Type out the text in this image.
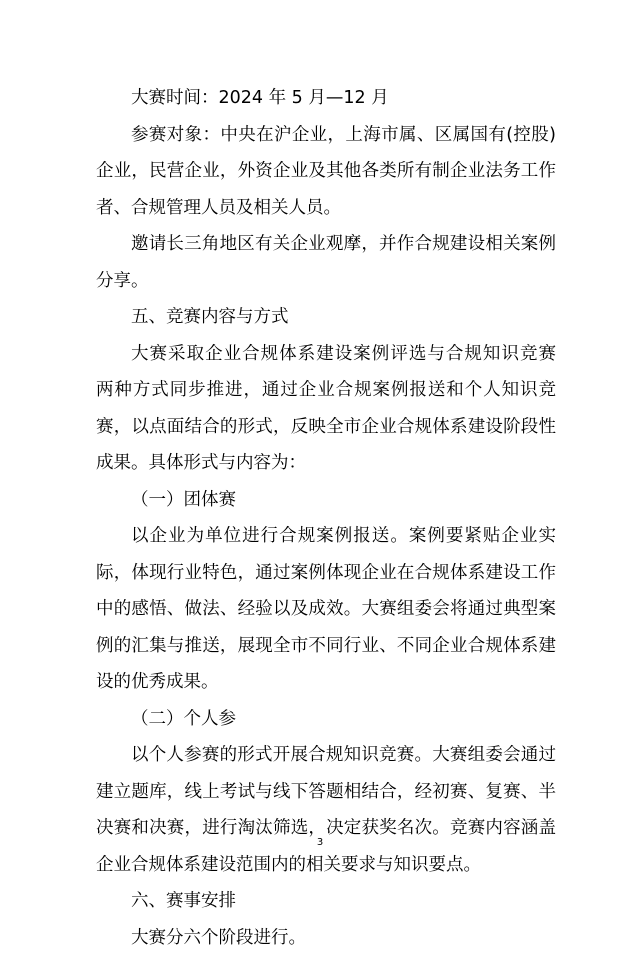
大赛时间：2024 年 5 月—12 月
参赛对象：中央在沪企业，上海市属、区属国有(控股)
企业，民营企业，外资企业及其他各类所有制企业法务工作
者、合规管理人员及相关人员。
邀请长三角地区有关企业观摩，并作合规建设相关案例
分享。
五、竞赛内容与方式
大赛采取企业合规体系建设案例评选与合规知识竞赛
两种方式同步推进，通过企业合规案例报送和个人知识竞
赛，以点面结合的形式，反映全市企业合规体系建设阶段性
成果。具体形式与内容为：
（一）团体赛
以企业为单位进行合规案例报送。案例要紧贴企业实
际，体现行业特色，通过案例体现企业在合规体系建设工作
中的感悟、做法、经验以及成效。大赛组委会将通过典型案
例的汇集与推送，展现全市不同行业、不同企业合规体系建
设的优秀成果。
（二）个人参
以个人参赛的形式开展合规知识竞赛。大赛组委会通过
建立题库，线上考试与线下答题相结合，经初赛、复赛、半
决赛和决赛，进行淘汰筛选，决定获奖名次。竞赛内容涵盖
企业合规体系建设范围内的相关要求与知识要点。
六、赛事安排
大赛分六个阶段进行。
3
